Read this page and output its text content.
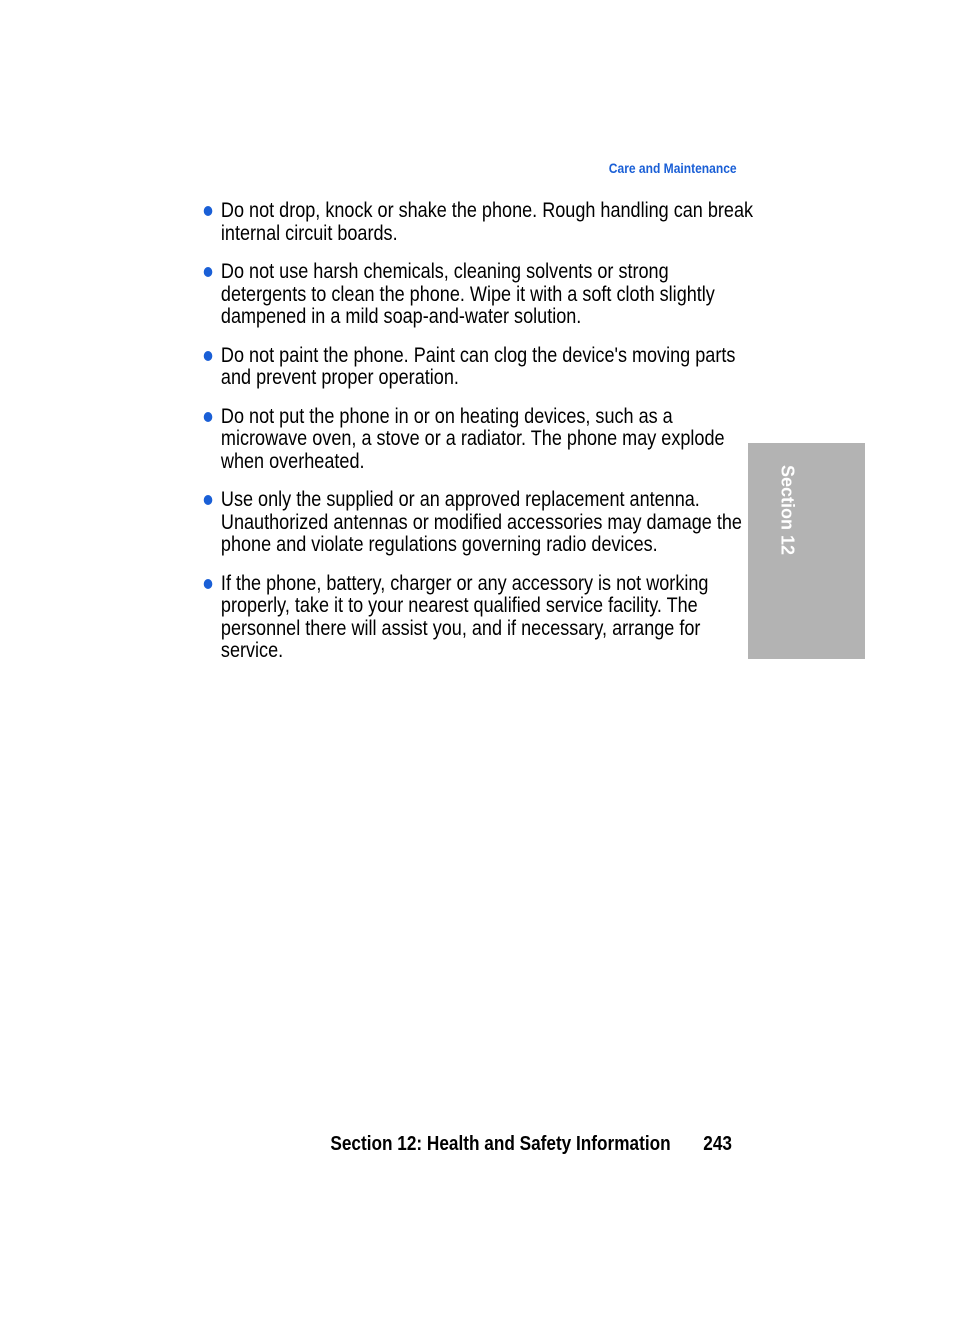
Care and Maintenance
Do not drop, knock or shake the phone. Rough handling can break internal circuit boards.
Do not use harsh chemicals, cleaning solvents or strong detergents to clean the phone. Wipe it with a soft cloth slightly dampened in a mild soap-and-water solution.
Do not paint the phone. Paint can clog the device's moving parts and prevent proper operation.
Do not put the phone in or on heating devices, such as a microwave oven, a stove or a radiator. The phone may explode when overheated.
Use only the supplied or an approved replacement antenna. Unauthorized antennas or modified accessories may damage the phone and violate regulations governing radio devices.
If the phone, battery, charger or any accessory is not working properly, take it to your nearest qualified service facility. The personnel there will assist you, and if necessary, arrange for service.
Section 12
Section 12: Health and Safety Information 243
